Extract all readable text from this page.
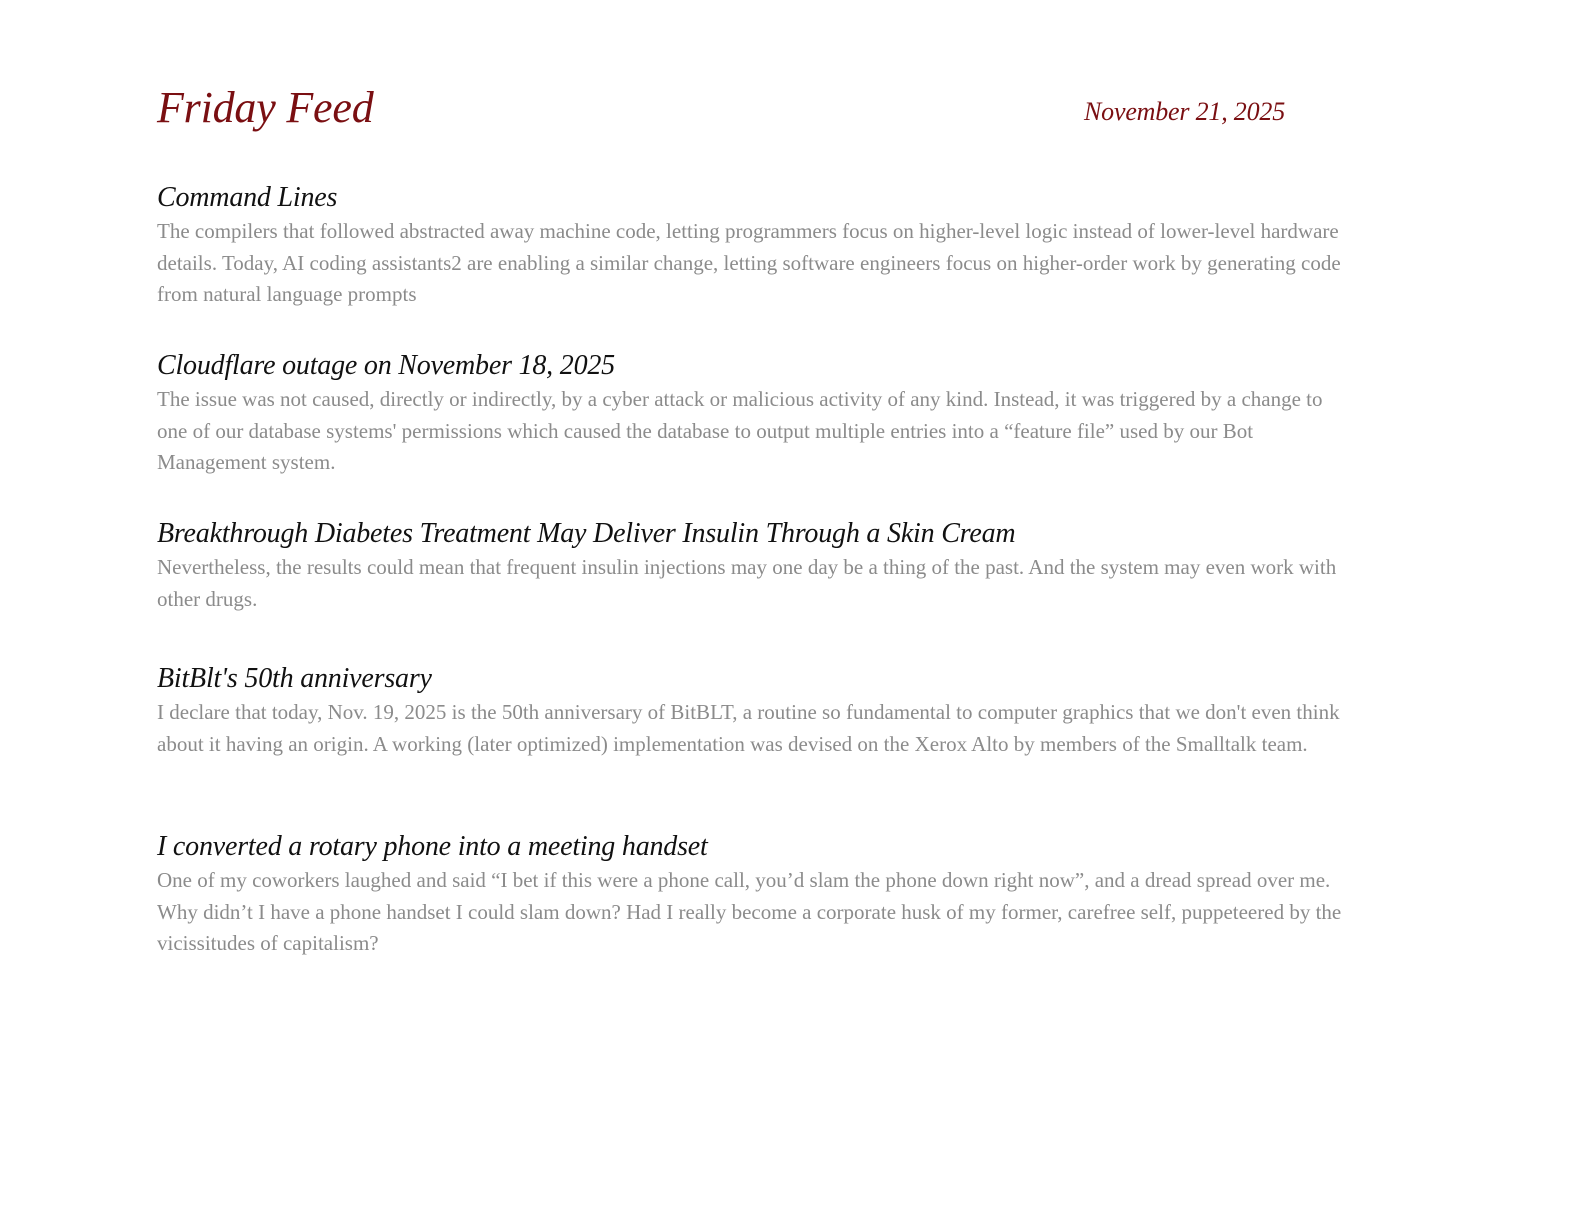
Friday Feed	November 21, 2025
Command Lines

The compilers that followed abstracted away machine code, letting programmers focus on higher-level logic instead of lower-level hardware details. Today, AI coding assistants2 are enabling a similar change, letting software engineers focus on higher-order work by generating code from natural language prompts

Cloudflare outage on November 18, 2025

The issue was not caused, directly or indirectly, by a cyber attack or malicious activity of any kind. Instead, it was triggered by a change to one of our database systems' permissions which caused the database to output multiple entries into a “feature file” used by our Bot Management system.

Breakthrough Diabetes Treatment May Deliver Insulin Through a Skin Cream

Nevertheless, the results could mean that frequent insulin injections may one day be a thing of the past. And the system may even work with other drugs.

BitBlt's 50th anniversary

I declare that today, Nov. 19, 2025 is the 50th anniversary of BitBLT, a routine so fundamental to computer graphics that we don't even think about it having an origin. A working (later optimized) implementation was devised on the Xerox Alto by members of the Smalltalk team.

I converted a rotary phone into a meeting handset

One of my coworkers laughed and said “I bet if this were a phone call, you’d slam the phone down right now”, and a dread spread over me. Why didn’t I have a phone handset I could slam down? Had I really become a corporate husk of my former, carefree self, puppeteered by the vicissitudes of capitalism?
